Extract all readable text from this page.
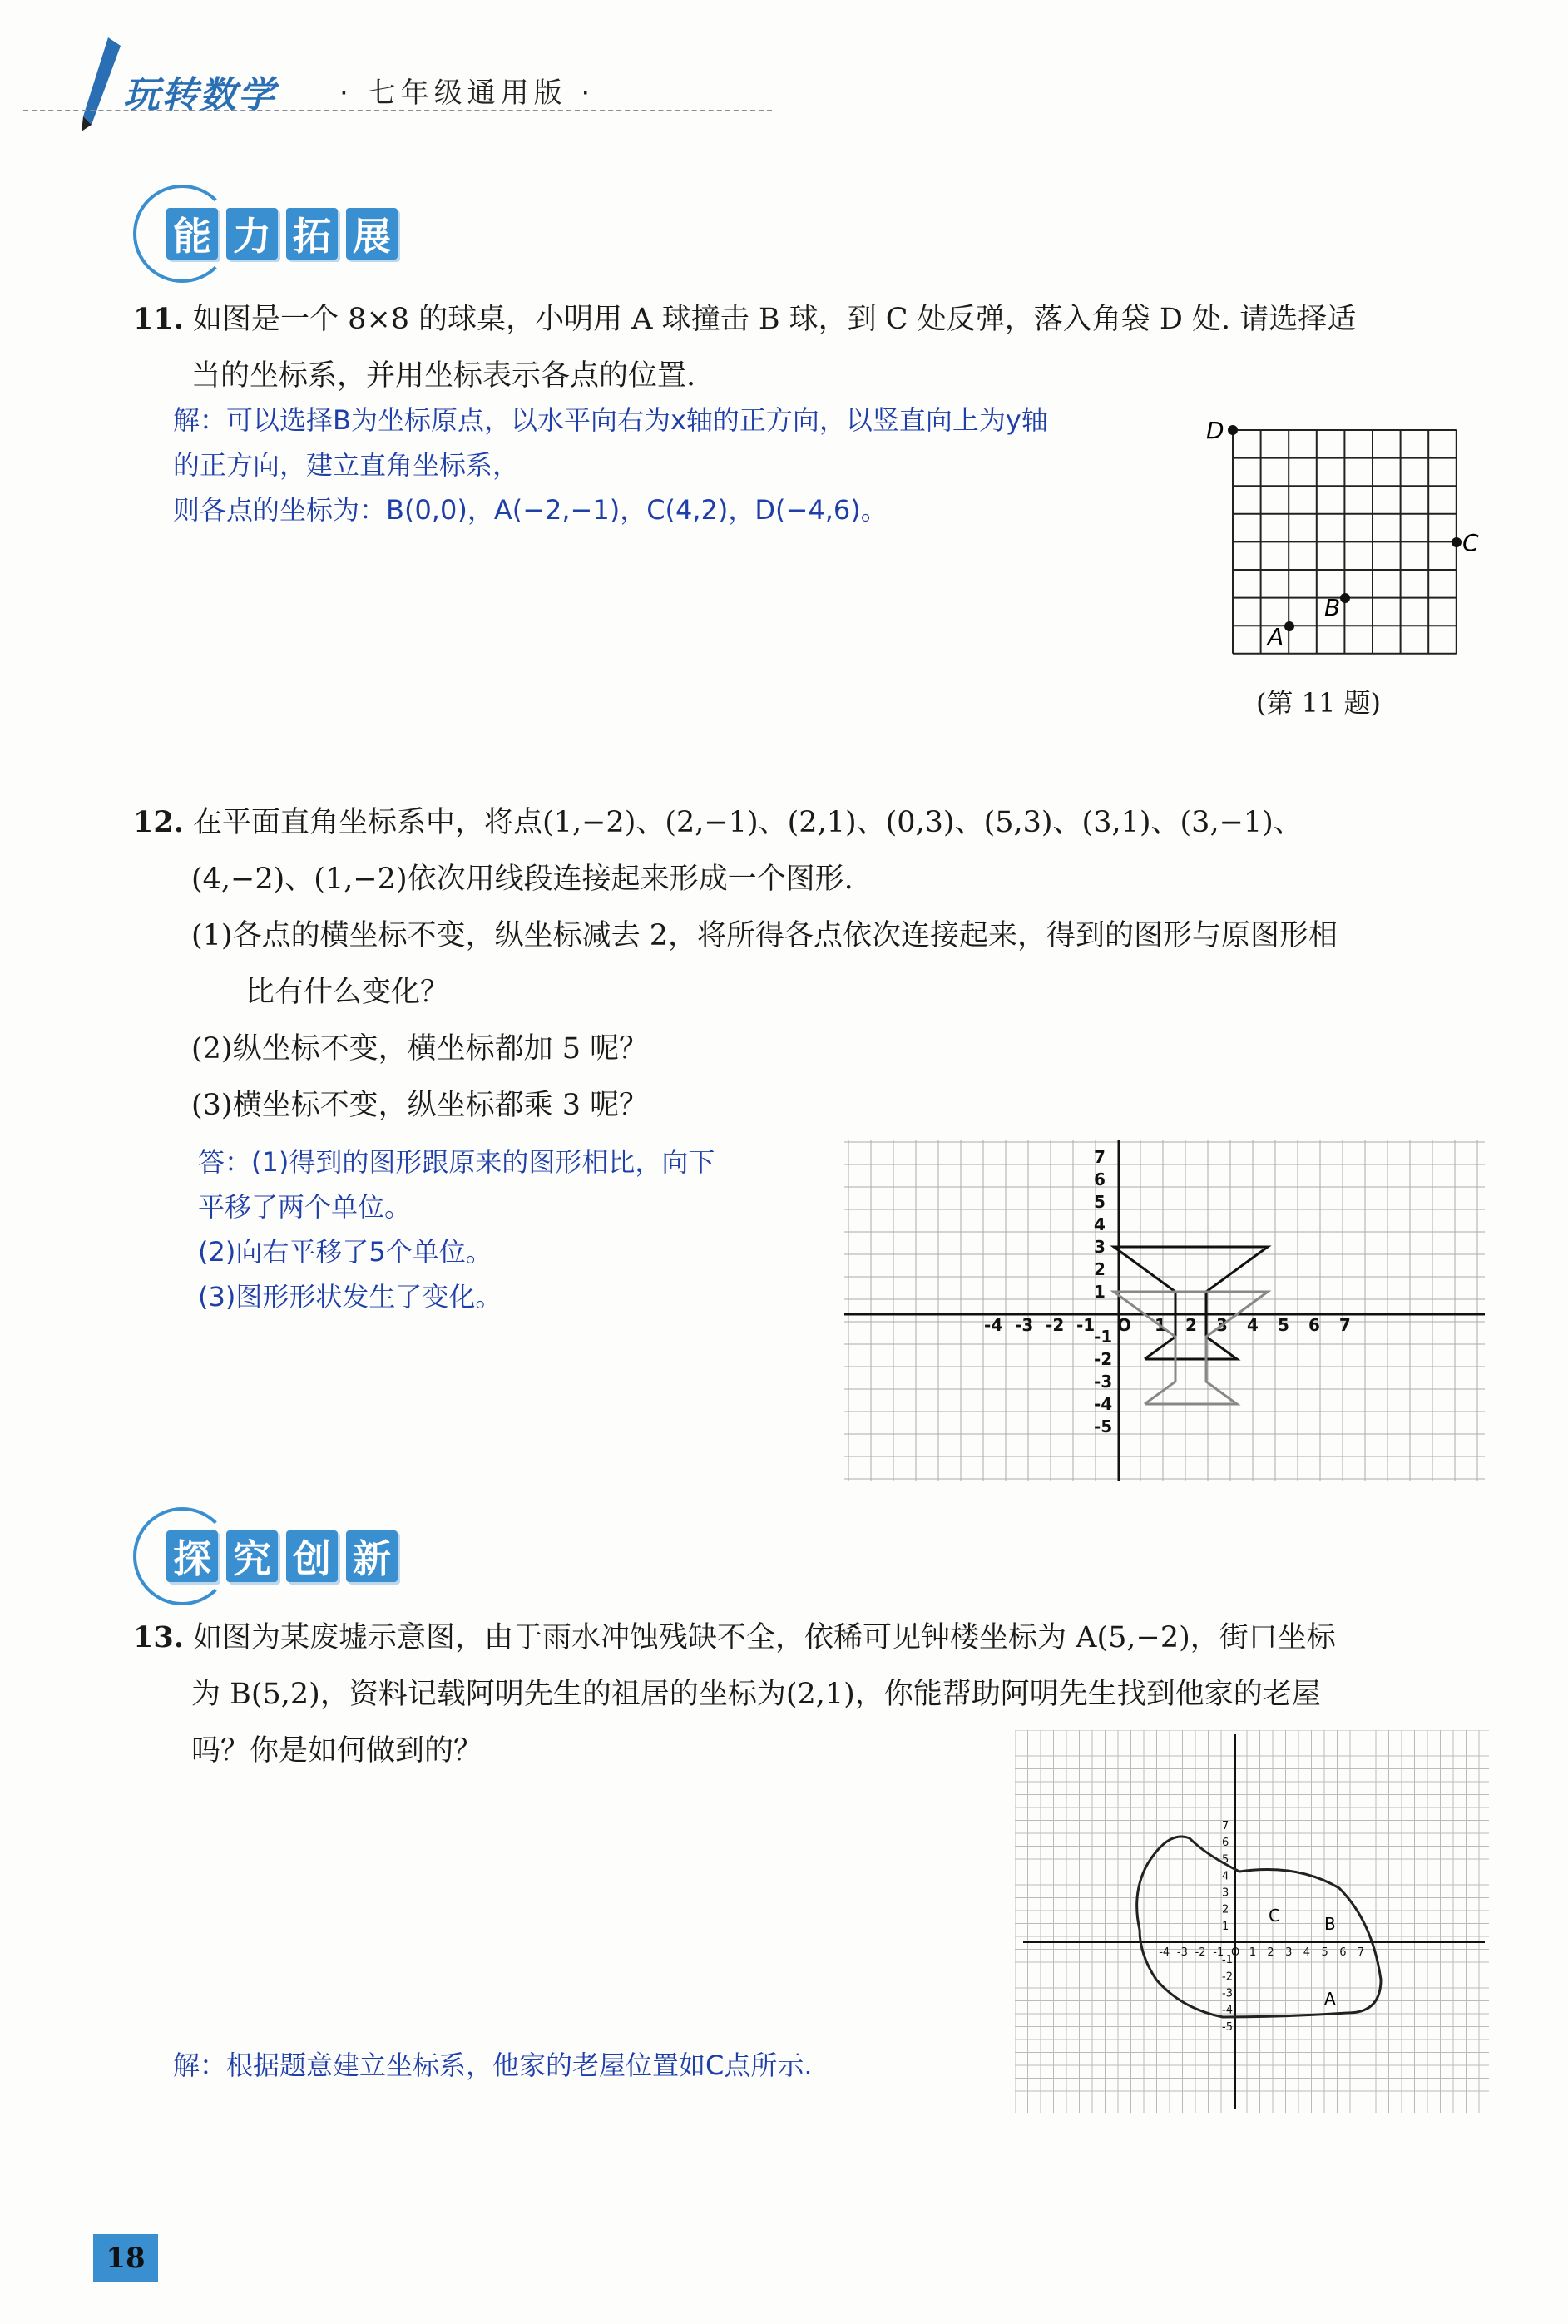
玩转数学 · 七年级通用版 ·
能 力 拓 展
11. 如图是一个 8×8 的球桌，小明用 A 球撞击 B 球，到 C 处反弹，落入角袋 D 处. 请选择适
当的坐标系，并用坐标表示各点的位置.
解：可以选择B为坐标原点，以水平向右为x轴的正方向，以竖直向上为y轴
的正方向，建立直角坐标系，
则各点的坐标为：B(0,0)，A(−2,−1)，C(4,2)，D(−4,6)。
D
C
B
A
(第 11 题)
12. 在平面直角坐标系中，将点(1,−2)、(2,−1)、(2,1)、(0,3)、(5,3)、(3,1)、(3,−1)、
(4,−2)、(1,−2)依次用线段连接起来形成一个图形.
(1)各点的横坐标不变，纵坐标减去 2，将所得各点依次连接起来，得到的图形与原图形相
比有什么变化？
(2)纵坐标不变，横坐标都加 5 呢？
(3)横坐标不变，纵坐标都乘 3 呢？
答：(1)得到的图形跟原来的图形相比，向下
平移了两个单位。
(2)向右平移了5个单位。
(3)图形形状发生了变化。
-4 -3 -2 -1 O 1 2 3 4 5 6 7
7
6
5
4
3
2
1
-1
-2
-3
-4
-5
探 究 创 新
13. 如图为某废墟示意图，由于雨水冲蚀残缺不全，依稀可见钟楼坐标为 A(5,−2)，街口坐标
为 B(5,2)，资料记载阿明先生的祖居的坐标为(2,1)，你能帮助阿明先生找到他家的老屋
吗？你是如何做到的？
-4 -3 -2 -1 O 1 2 3 4 5 6 7
7
6
5
4
3
2
1
-1
-2
-3
-4
-5
C	B
A
解：根据题意建立坐标系，他家的老屋位置如C点所示.
18
